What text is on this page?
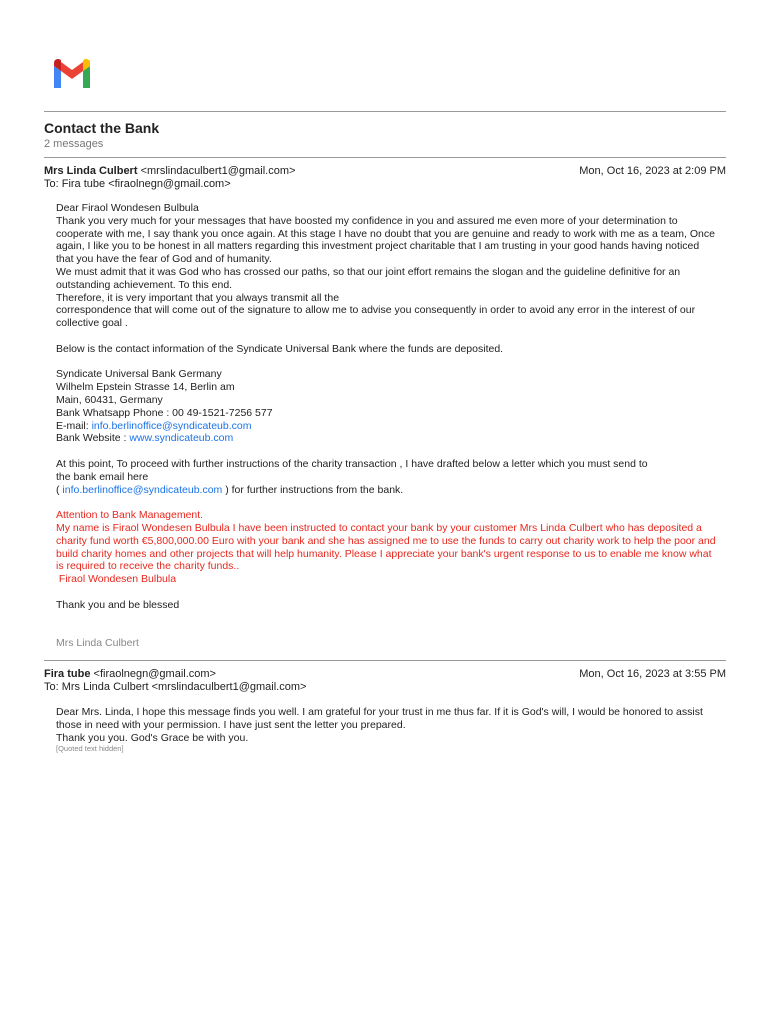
Contact the Bank
2 messages
Mrs Linda Culbert <mrslindaculbert1@gmail.com>
To: Fira tube <firaolnegn@gmail.com>
Mon, Oct 16, 2023 at 2:09 PM

Dear Firaol Wondesen Bulbula

Thank you very much for your messages that have boosted my confidence in you and assured me even more of your determination to cooperate with me, I say thank you once again. At this stage I have no doubt that you are genuine and ready to work with me as a team, Once again, I like you to be honest in all matters regarding this investment project charitable that I am trusting in your good hands having noticed that you have the fear of God and of humanity.

We must admit that it was God who has crossed our paths, so that our joint effort remains the slogan and the guideline definitive for an outstanding achievement. To this end.

Therefore, it is very important that you always transmit all the

correspondence that will come out of the signature to allow me to advise you consequently in order to avoid any error in the interest of our collective goal .

Below is the contact information of the Syndicate Universal Bank where the funds are deposited.

Syndicate Universal Bank Germany

Wilhelm Epstein Strasse 14, Berlin am

Main, 60431, Germany

Bank Whatsapp Phone : 00 49-1521-7256 577

E-mail: info.berlinoffice@syndicateub.com

Bank Website : www.syndicateub.com

At this point, To proceed with further instructions of the charity transaction , I have drafted below a letter which you must send to

the bank email here

( info.berlinoffice@syndicateub.com ) for further instructions from the bank.

Attention to Bank Management.

My name is Firaol Wondesen Bulbula I have been instructed to contact your bank by your customer Mrs Linda Culbert who has deposited a charity fund worth €5,800,000.00 Euro with your bank and she has assigned me to use the funds to carry out charity work to help the poor and build charity homes and other projects that will help humanity. Please I appreciate your bank's urgent response to us to enable me know what is required to receive the charity funds..

Firaol Wondesen Bulbula

Thank you and be blessed

Mrs Linda Culbert

Fira tube <firaolnegn@gmail.com>
To: Mrs Linda Culbert <mrslindaculbert1@gmail.com>
Mon, Oct 16, 2023 at 3:55 PM

Dear Mrs. Linda, I hope this message finds you well. I am grateful for your trust in me thus far. If it is God's will, I would be honored to assist those in need with your permission. I have just sent the letter you prepared.

Thank you you. God's Grace be with you.

[Quoted text hidden]
